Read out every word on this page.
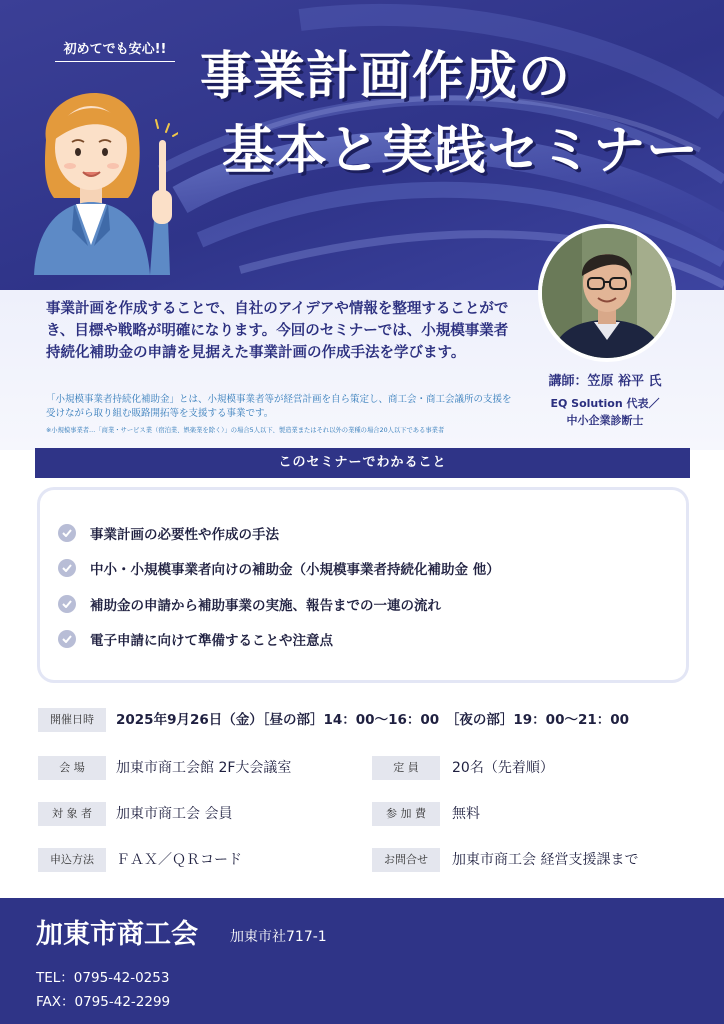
初めてでも安心!! 事業計画作成の
基本と実践セミナー
事業計画を作成することで、自社のアイデアや情報を整理することができ、目標や戦略が明確になります。今回のセミナーでは、小規模事業者持続化補助金の申請を見据えた事業計画の作成手法を学びます。
「小規模事業者持続化補助金」とは、小規模事業者等が経営計画を自ら策定し、商工会・商工会議所の支援を受けながら取り組む販路開拓等を支援する事業です。
※小規模事業者…「商業・サービス業（宿泊業、娯楽業を除く）」の場合5人以下、製造業またはそれ以外の業種の場合20人以下である事業者
講師：笠原 裕平 氏
EQ Solution 代表／
中小企業診断士
このセミナーでわかること
事業計画の必要性や作成の手法
中小・小規模事業者向けの補助金（小規模事業者持続化補助金 他）
補助金の申請から補助事業の実施、報告までの一連の流れ
電子申請に向けて準備することや注意点
開催日時	2025年9月26日（金）［昼の部］14：00〜16：00　［夜の部］19：00〜21：00
会 場	加東市商工会館 2F大会議室	定 員	20名（先着順）
対 象 者	加東市商工会 会員	参 加 費	無料
申込方法	ＦＡＸ／ＱＲコード	お問合せ	加東市商工会 経営支援課まで
加東市商工会 加東市社717-1
TEL：0795-42-0253
FAX：0795-42-2299
